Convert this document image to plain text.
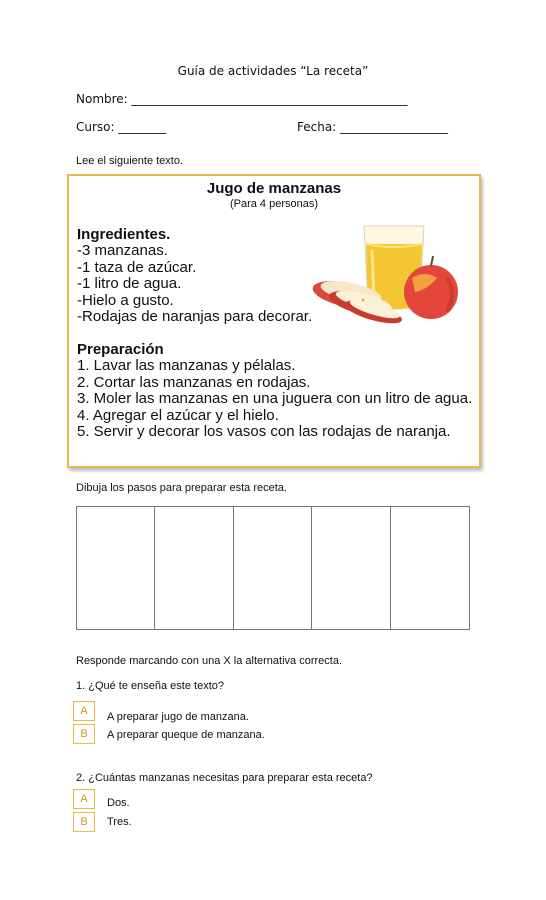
Guía de actividades “La receta”
Nombre: ______________________________________________
Curso: ________	Fecha: __________________
Lee el siguiente texto.
Jugo de manzanas
(Para 4 personas)
Ingredientes.
-3 manzanas.
-1 taza de azúcar.
-1 litro de agua.
-Hielo a gusto.
-Rodajas de naranjas para decorar.
Preparación
1. Lavar las manzanas y pélalas.
2. Cortar las manzanas en rodajas.
3. Moler las manzanas en una juguera con un litro de agua.
4. Agregar el azúcar y el hielo.
5. Servir y decorar los vasos con las rodajas de naranja.
Dibuja los pasos para preparar esta receta.
Responde marcando con una X la alternativa correcta.
1. ¿Qué te enseña este texto?
A	A preparar jugo de manzana.
B	A preparar queque de manzana.
2. ¿Cuántas manzanas necesitas para preparar esta receta?
A	Dos.
B	Tres.
